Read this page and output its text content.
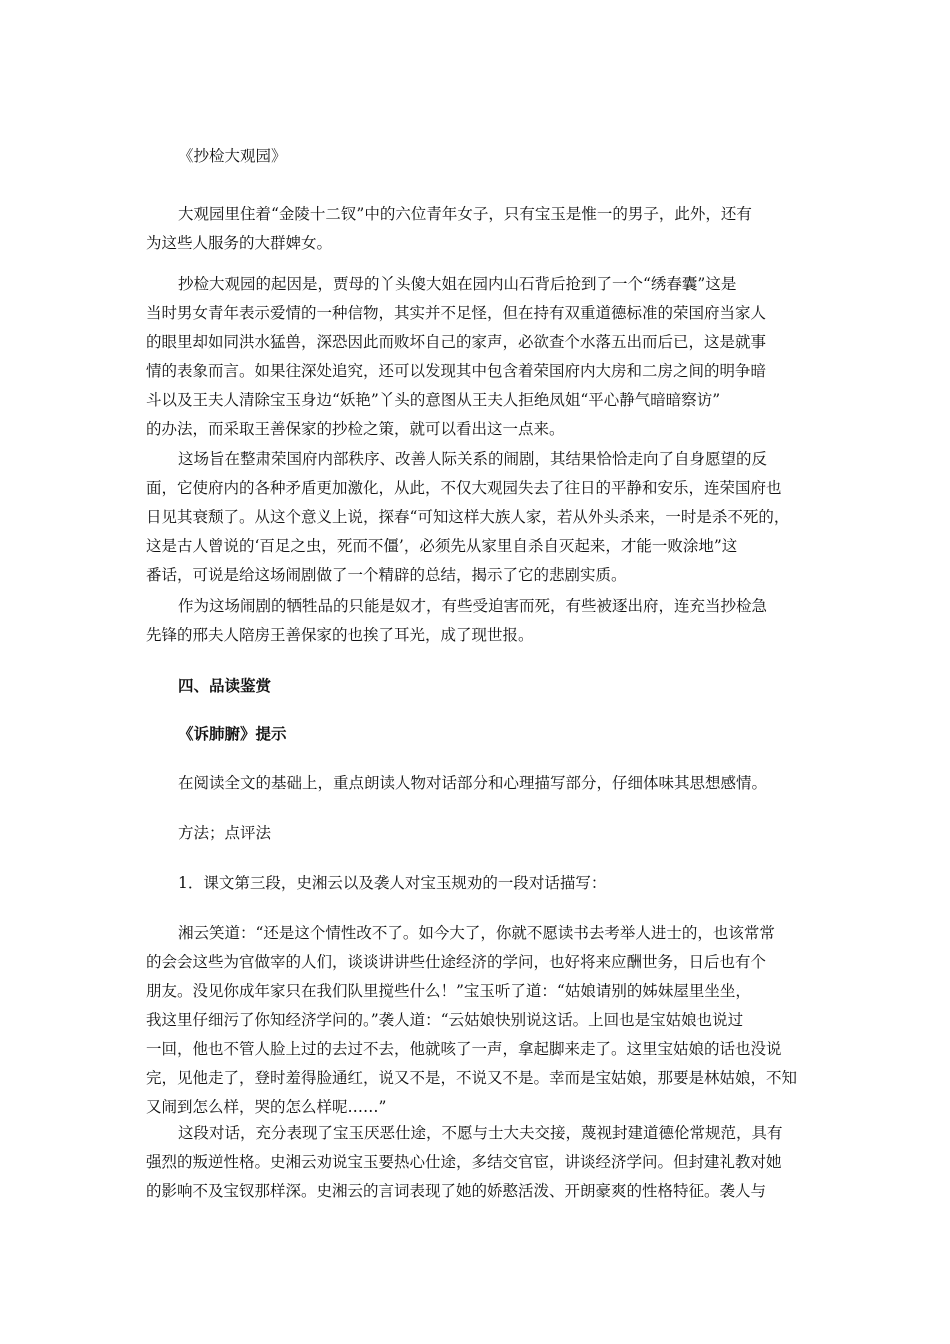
《抄检大观园》
大观园里住着“金陵十二钗”中的六位青年女子，只有宝玉是惟一的男子，此外，还有
为这些人服务的大群婢女。
抄检大观园的起因是，贾母的丫头傻大姐在园内山石背后抢到了一个“绣春囊”这是
当时男女青年表示爱情的一种信物，其实并不足怪，但在持有双重道德标准的荣国府当家人
的眼里却如同洪水猛兽，深恐因此而败坏自己的家声，必欲查个水落五出而后已，这是就事
情的表象而言。如果往深处追究，还可以发现其中包含着荣国府内大房和二房之间的明争暗
斗以及王夫人清除宝玉身边“妖艳”丫头的意图从王夫人拒绝凤姐“平心静气暗暗察访”
的办法，而采取王善保家的抄检之策，就可以看出这一点来。
这场旨在整肃荣国府内部秩序、改善人际关系的闹剧，其结果恰恰走向了自身愿望的反
面，它使府内的各种矛盾更加激化，从此，不仅大观园失去了往日的平静和安乐，连荣国府也
日见其衰颓了。从这个意义上说，探春“可知这样大族人家，若从外头杀来，一时是杀不死的，
这是古人曾说的‘百足之虫，死而不僵’，必须先从家里自杀自灭起来，才能一败涂地”这
番话，可说是给这场闹剧做了一个精辟的总结，揭示了它的悲剧实质。
作为这场闹剧的牺牲品的只能是奴才，有些受迫害而死，有些被逐出府，连充当抄检急
先锋的邢夫人陪房王善保家的也挨了耳光，成了现世报。
四、品读鉴赏
《诉肺腑》提示
在阅读全文的基础上，重点朗读人物对话部分和心理描写部分，仔细体味其思想感情。
方法；点评法
1．课文第三段，史湘云以及袭人对宝玉规劝的一段对话描写：
湘云笑道：“还是这个情性改不了。如今大了，你就不愿读书去考举人进士的，也该常常
的会会这些为官做宰的人们，谈谈讲讲些仕途经济的学问，也好将来应酬世务，日后也有个
朋友。没见你成年家只在我们队里搅些什么！”宝玉听了道：“姑娘请别的姊妹屋里坐坐，
我这里仔细污了你知经济学问的。”袭人道：“云姑娘快别说这话。上回也是宝姑娘也说过
一回，他也不管人脸上过的去过不去，他就咳了一声，拿起脚来走了。这里宝姑娘的话也没说
完，见他走了，登时羞得脸通红，说又不是，不说又不是。幸而是宝姑娘，那要是林姑娘，不知
又闹到怎么样，哭的怎么样呢……”
这段对话，充分表现了宝玉厌恶仕途，不愿与士大夫交接，蔑视封建道德伦常规范，具有
强烈的叛逆性格。史湘云劝说宝玉要热心仕途，多结交官宦，讲谈经济学问。但封建礼教对她
的影响不及宝钗那样深。史湘云的言词表现了她的娇憨活泼、开朗豪爽的性格特征。袭人与
